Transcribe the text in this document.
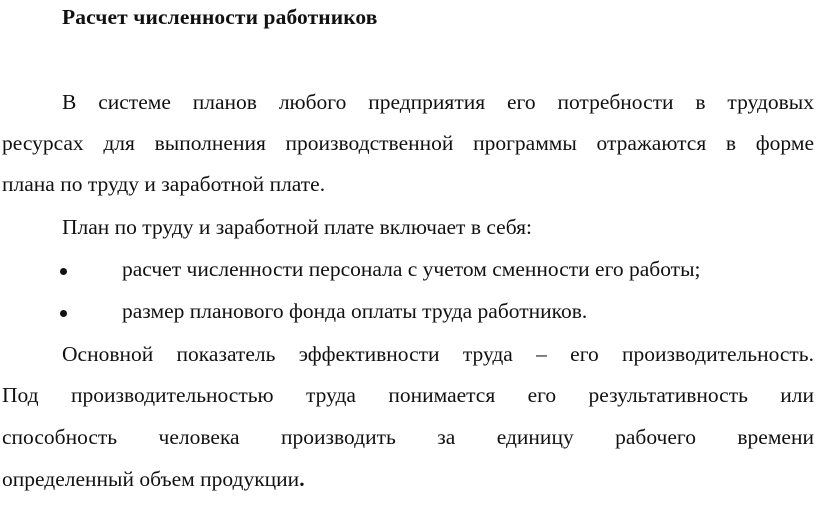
Расчет численности работников
В системе планов любого предприятия его потребности в трудовых
ресурсах для выполнения производственной программы отражаются в форме
плана по труду и заработной плате.
План по труду и заработной плате включает в себя:
расчет численности персонала с учетом сменности его работы;
размер планового фонда оплаты труда работников.
Основной показатель эффективности труда – его производительность.
Под производительностью труда понимается его результативность или
способность человека производить за единицу рабочего времени
определенный объем продукции.
